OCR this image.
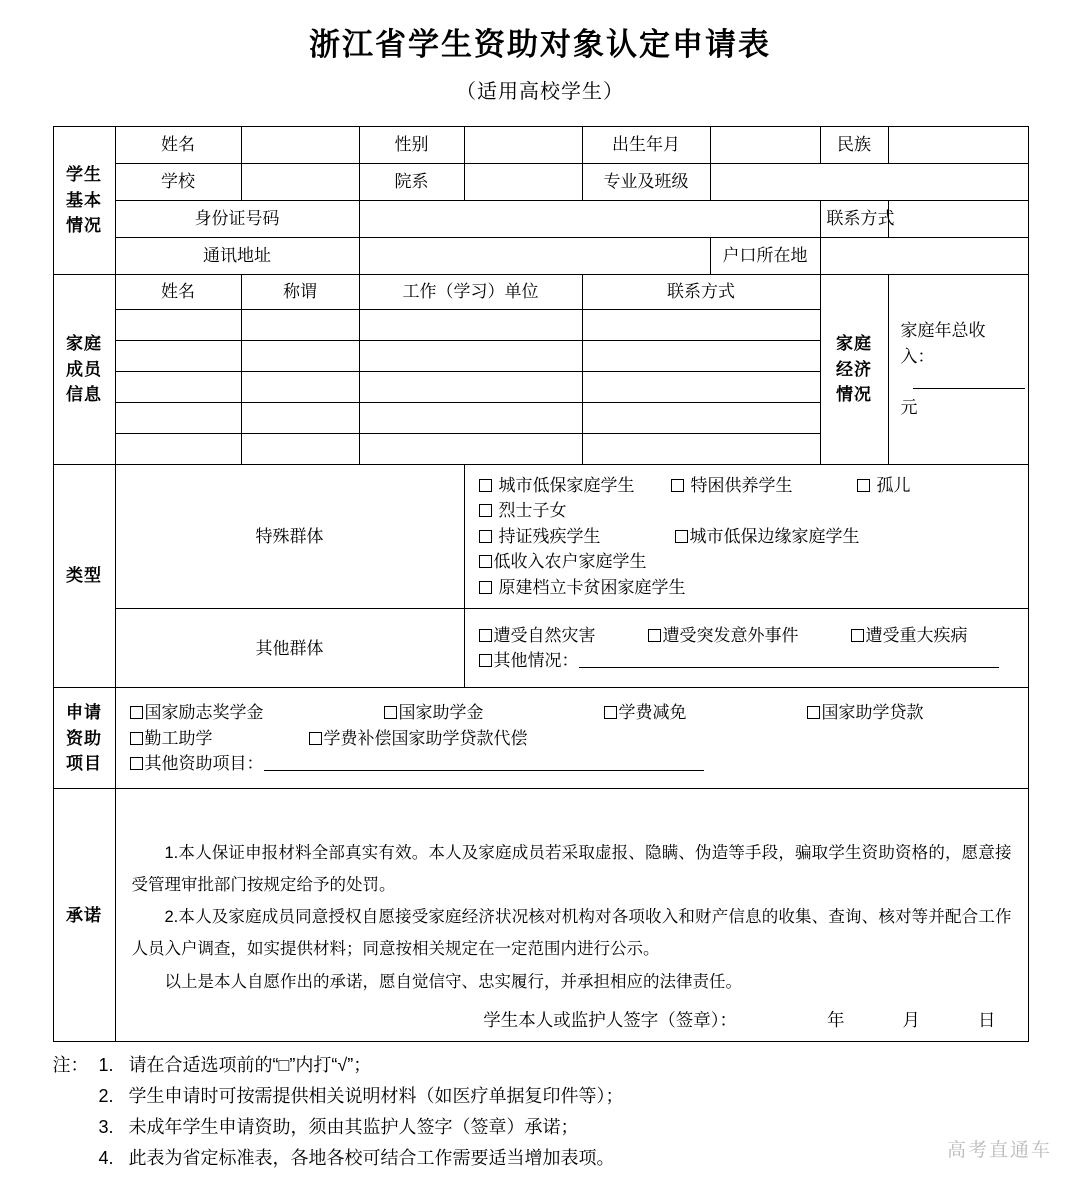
浙江省学生资助对象认定申请表
（适用高校学生）
学生
基本
情况	姓名		性别		出生年月		民族	
	学校		院系		专业及班级			
	身份证号码						联系方式	
	通讯地址					户口所在地		

家庭
成员
信息	姓名	称谓	工作（学习）单位		联系方式		家庭
经济
情况	家庭年总收入：
元

类型	特殊群体			城市低保家庭学生 特困供养学生 孤儿烈士子女
持证残疾学生 城市低保边缘家庭学生低收入农户家庭学生
原建档立卡贫困家庭学生				
	其他群体			遭受自然灾害 遭受突发意外事件 遭受重大疾病
其他情况：				

申请
资助
项目	国家励志奖学金 国家助学金 学费减免 国家助学贷款
勤工助学 学费补偿国家助学贷款代偿
其他资助项目：							
承诺	

1.本人保证申报材料全部真实有效。本人及家庭成员若采取虚报、隐瞒、伪造等手段，骗取学生资助资格的，愿意接受管理审批部门按规定给予的处罚。

2.本人及家庭成员同意授权自愿接受家庭经济状况核对机构对各项收入和财产信息的收集、查询、核对等并配合工作人员入户调查，如实提供材料；同意按相关规定在一定范围内进行公示。

以上是本人自愿作出的承诺，愿自觉信守、忠实履行，并承担相应的法律责任。

学生本人或监护人签字（签章）：	年	月	日
注： 1. 请在合适选项前的“□”内打“√”；
2. 学生申请时可按需提供相关说明材料（如医疗单据复印件等）；
3. 未成年学生申请资助，须由其监护人签字（签章）承诺；
4. 此表为省定标准表，各地各校可结合工作需要适当增加表项。	高考直通车
